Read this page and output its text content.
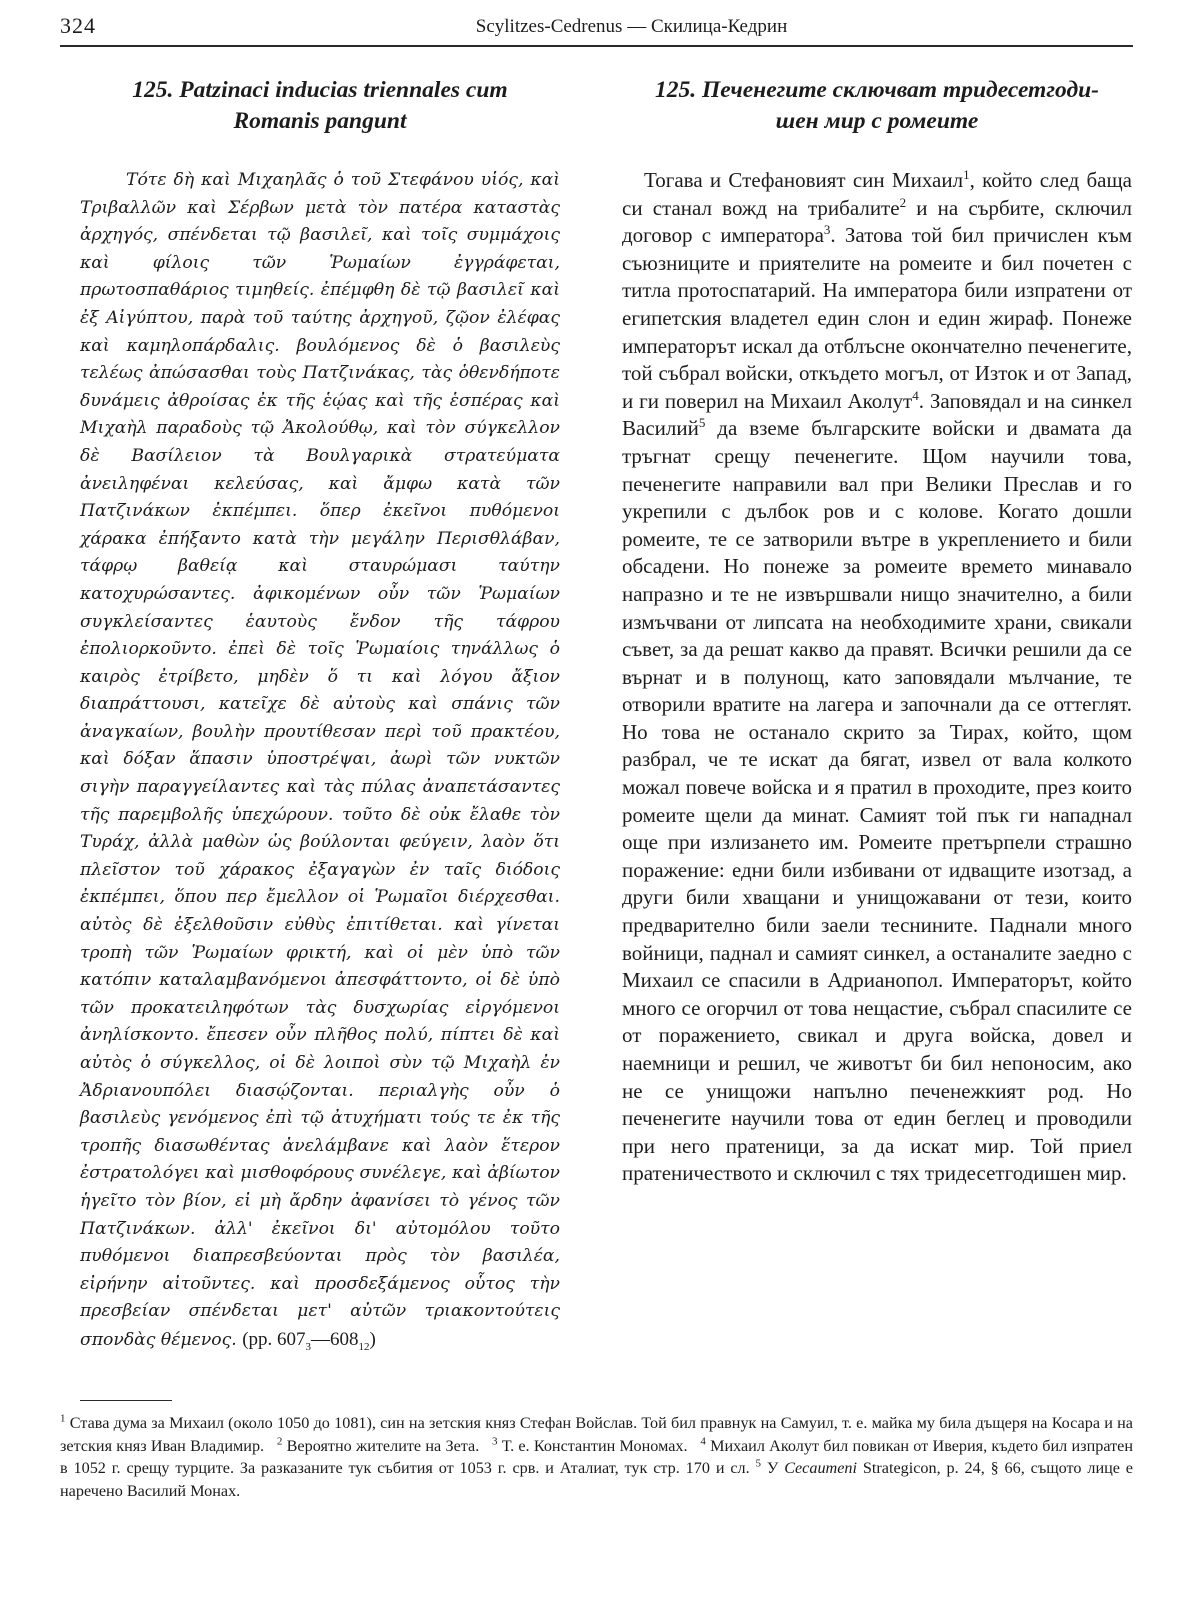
324	Scylitzes-Cedrenus — Скилица-Кедрин
125. Patzinaci inducias triennales cum
Romanis pangunt

Τότε δὴ καὶ Μιχαηλᾶς ὁ τοῦ Στεφάνου υἱός, καὶ Τριβαλλῶν καὶ Σέρβων μετὰ τὸν πατέρα καταστὰς ἀρχηγός, σπένδεται τῷ βασιλεῖ, καὶ τοῖς συμμάχοις καὶ φίλοις τῶν Ῥωμαίων ἐγγράφεται, πρωτοσπαθάριος τιμηθείς. ἐπέμφθη δὲ τῷ βασιλεῖ καὶ ἐξ Αἰγύπτου, παρὰ τοῦ ταύτης ἀρχηγοῦ, ζῷον ἐλέφας καὶ καμηλοπάρδαλις. βουλόμενος δὲ ὁ βασιλεὺς τελέως ἀπώσασθαι τοὺς Πατζινάκας, τὰς ὁθενδήποτε δυνάμεις ἀθροίσας ἐκ τῆς ἑῴας καὶ τῆς ἑσπέρας καὶ Μιχαὴλ παραδοὺς τῷ Ἀκολούθῳ, καὶ τὸν σύγκελλον δὲ Βασίλειον τὰ Βουλγαρικὰ στρατεύματα ἀνειληφέναι κελεύσας, καὶ ἄμφω κατὰ τῶν Πατζινάκων ἐκπέμπει. ὅπερ ἐκεῖνοι πυθόμενοι χάρακα ἐπήξαντο κατὰ τὴν μεγάλην Περισθλάβαν, τάφρῳ βαθείᾳ καὶ σταυρώμασι ταύτην κατοχυρώσαντες. ἀφικομένων οὖν τῶν Ῥωμαίων συγκλείσαντες ἑαυτοὺς ἔνδον τῆς τάφρου ἐπολιορκοῦντο. ἐπεὶ δὲ τοῖς Ῥωμαίοις τηνάλλως ὁ καιρὸς ἐτρίβετο, μηδὲν ὅ τι καὶ λόγου ἄξιον διαπράττουσι, κατεῖχε δὲ αὐτοὺς καὶ σπάνις τῶν ἀναγκαίων, βουλὴν προυτίθεσαν περὶ τοῦ πρακτέου, καὶ δόξαν ἅπασιν ὑποστρέψαι, ἀωρὶ τῶν νυκτῶν σιγὴν παραγγείλαντες καὶ τὰς πύλας ἀναπετάσαντες τῆς παρεμβολῆς ὑπεχώρουν. τοῦτο δὲ οὐκ ἔλαθε τὸν Τυράχ, ἀλλὰ μαθὼν ὡς βούλονται φεύγειν, λαὸν ὅτι πλεῖστον τοῦ χάρακος ἐξαγαγὼν ἐν ταῖς διόδοις ἐκπέμπει, ὅπου περ ἔμελλον οἱ Ῥωμαῖοι διέρχεσθαι. αὐτὸς δὲ ἐξελθοῦσιν εὐθὺς ἐπιτίθεται. καὶ γίνεται τροπὴ τῶν Ῥωμαίων φρικτή, καὶ οἱ μὲν ὑπὸ τῶν κατόπιν καταλαμβανόμενοι ἀπεσφάττοντο, οἱ δὲ ὑπὸ τῶν προκατειληφότων τὰς δυσχωρίας εἰργόμενοι ἀνηλίσκοντο. ἔπεσεν οὖν πλῆθος πολύ, πίπτει δὲ καὶ αὐτὸς ὁ σύγκελλος, οἱ δὲ λοιποὶ σὺν τῷ Μιχαὴλ ἐν Ἀδριανουπόλει διασῴζονται. περιαλγὴς οὖν ὁ βασιλεὺς γενόμενος ἐπὶ τῷ ἀτυχήματι τούς τε ἐκ τῆς τροπῆς διασωθέντας ἀνελάμβανε καὶ λαὸν ἕτερον ἐστρατολόγει καὶ μισθοφόρους συνέλεγε, καὶ ἀβίωτον ἡγεῖτο τὸν βίον, εἰ μὴ ἄρδην ἀφανίσει τὸ γένος τῶν Πατζινάκων. ἀλλ' ἐκεῖνοι δι' αὐτομόλου τοῦτο πυθόμενοι διαπρεσβεύονται πρὸς τὸν βασιλέα, εἰρήνην αἰτοῦντες. καὶ προσδεξάμενος οὗτος τὴν πρεσβείαν σπένδεται μετ' αὐτῶν τριακοντούτεις σπονδὰς θέμενος. (pp. $607_3—608_{12}$)

125. Печенегите сключват тридесетгоди-
шен мир с ромеите

Тогава и Стефановият син Михаил$^1$, който след баща си станал вожд на трибалите$^2$ и на сърбите, сключил договор с императора$^3$. Затова той бил причислен към съюзниците и приятелите на ромеите и бил почетен с титла протоспатарий. На императора били изпратени от египетския владетел един слон и един жираф. Понеже императорът искал да отблъсне окончателно печенегите, той събрал войски, откъдето могъл, от Изток и от Запад, и ги поверил на Михаил Аколут$^4$. Заповядал и на синкел Василий$^5$ да вземе българските войски и двамата да тръгнат срещу печенегите. Щом научили това, печенегите направили вал при Велики Преслав и го укрепили с дълбок ров и с колове. Когато дошли ромеите, те се затворили вътре в укреплението и били обсадени. Но понеже за ромеите времето минавало напразно и те не извършвали нищо значително, а били измъчвани от липсата на необходимите храни, свикали съвет, за да решат какво да правят. Всички решили да се върнат и в полунощ, като заповядали мълчание, те отворили вратите на лагера и започнали да се оттеглят. Но това не останало скрито за Тирах, който, щом разбрал, че те искат да бягат, извел от вала колкото можал повече войска и я пратил в проходите, през които ромеите щели да минат. Самият той пък ги нападнал още при излизането им. Ромеите претърпели страшно поражение: едни били избивани от идващите изотзад, а други били хващани и унищожавани от тези, които предварително били заели теснините. Паднали много войници, паднал и самият синкел, а останалите заедно с Михаил се спасили в Адрианопол. Императорът, който много се огорчил от това нещастие, събрал спасилите се от поражението, свикал и друга войска, довел и наемници и решил, че животът би бил непоносим, ако не се унищожи напълно печенежкият род. Но печенегите научили това от един беглец и проводили при него пратеници, за да искат мир. Той приел пратеничеството и сключил с тях тридесетгодишен мир.

$^1$ Става дума за Михаил (около 1050 до 1081), син на зетския княз Стефан Войслав. Той бил правнук на Самуил, т. е. майка му била дъщеря на Косара и на зетския княз Иван Владимир. $^2$ Вероятно жителите на Зета. $^3$ Т. е. Константин Мономах. $^4$ Михаил Аколут бил повикан от Иверия, където бил изпратен в 1052 г. срещу турците. За разказаните тук събития от 1053 г. срв. и Аталиат, тук стр. 170 и сл. $^5$ У Cecaumeni Strategicon, p. 24, § 66, същото лице е наречено Василий Монах.
